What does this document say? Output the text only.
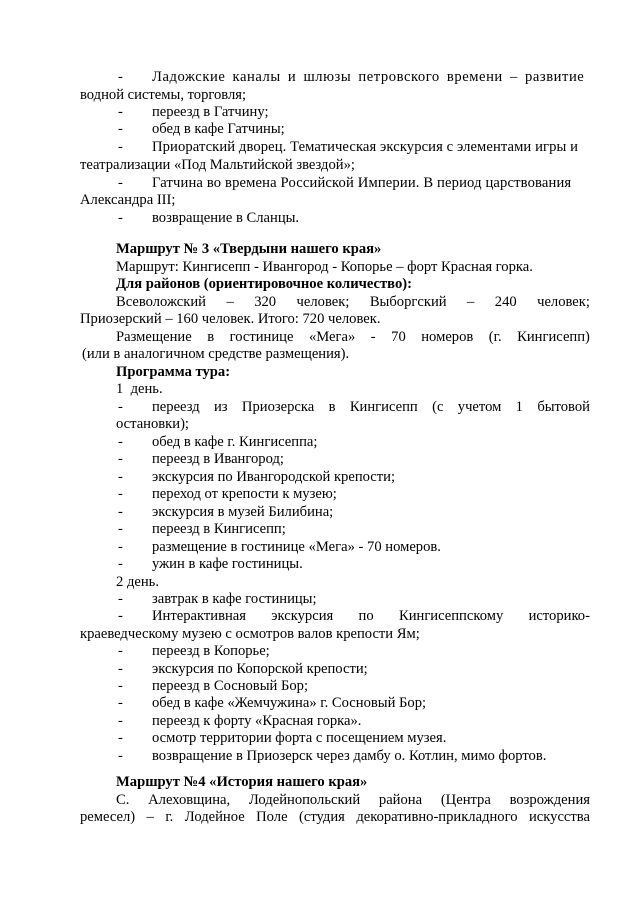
- Ладожские каналы и шлюзы петровского времени – развитие
водной системы, торговля;
- переезд в Гатчину;
- обед в кафе Гатчины;
- Приоратский дворец. Тематическая экскурсия с элементами игры и
театрализации «Под Мальтийской звездой»;
- Гатчина во времена Российской Империи. В период царствования
Александра III;
- возвращение в Сланцы.
Маршрут № 3 «Твердыни нашего края»
Маршрут: Кингисепп - Ивангород - Копорье – форт Красная горка.
Для районов (ориентировочное количество):
Всеволожский – 320 человек; Выборгский – 240 человек;
Приозерский – 160 человек. Итого: 720 человек.
Размещение в гостинице «Мега» - 70 номеров (г. Кингисепп)
(или в аналогичном средстве размещения).
Программа тура:
1  день.
- переезд из Приозерска в Кингисепп (с учетом 1 бытовой
остановки);
- обед в кафе г. Кингисеппа;
- переезд в Ивангород;
- экскурсия по Ивангородской крепости;
- переход от крепости к музею;
- экскурсия в музей Билибина;
- переезд в Кингисепп;
- размещение в гостинице «Мега» - 70 номеров.
- ужин в кафе гостиницы.
2 день.
- завтрак в кафе гостиницы;
- Интерактивная экскурсия по Кингисеппскому историко-
краеведческому музею с осмотров валов крепости Ям;
- переезд в Копорье;
- экскурсия по Копорской крепости;
- переезд в Сосновый Бор;
- обед в кафе «Жемчужина» г. Сосновый Бор;
- переезд к форту «Красная горка».
- осмотр территории форта с посещением музея.
- возвращение в Приозерск через дамбу о. Котлин, мимо фортов.
Маршрут №4 «История нашего края»
С. Алеховщина, Лодейнопольский района (Центра возрождения
ремесел) – г. Лодейное Поле (студия декоративно-прикладного искусства
